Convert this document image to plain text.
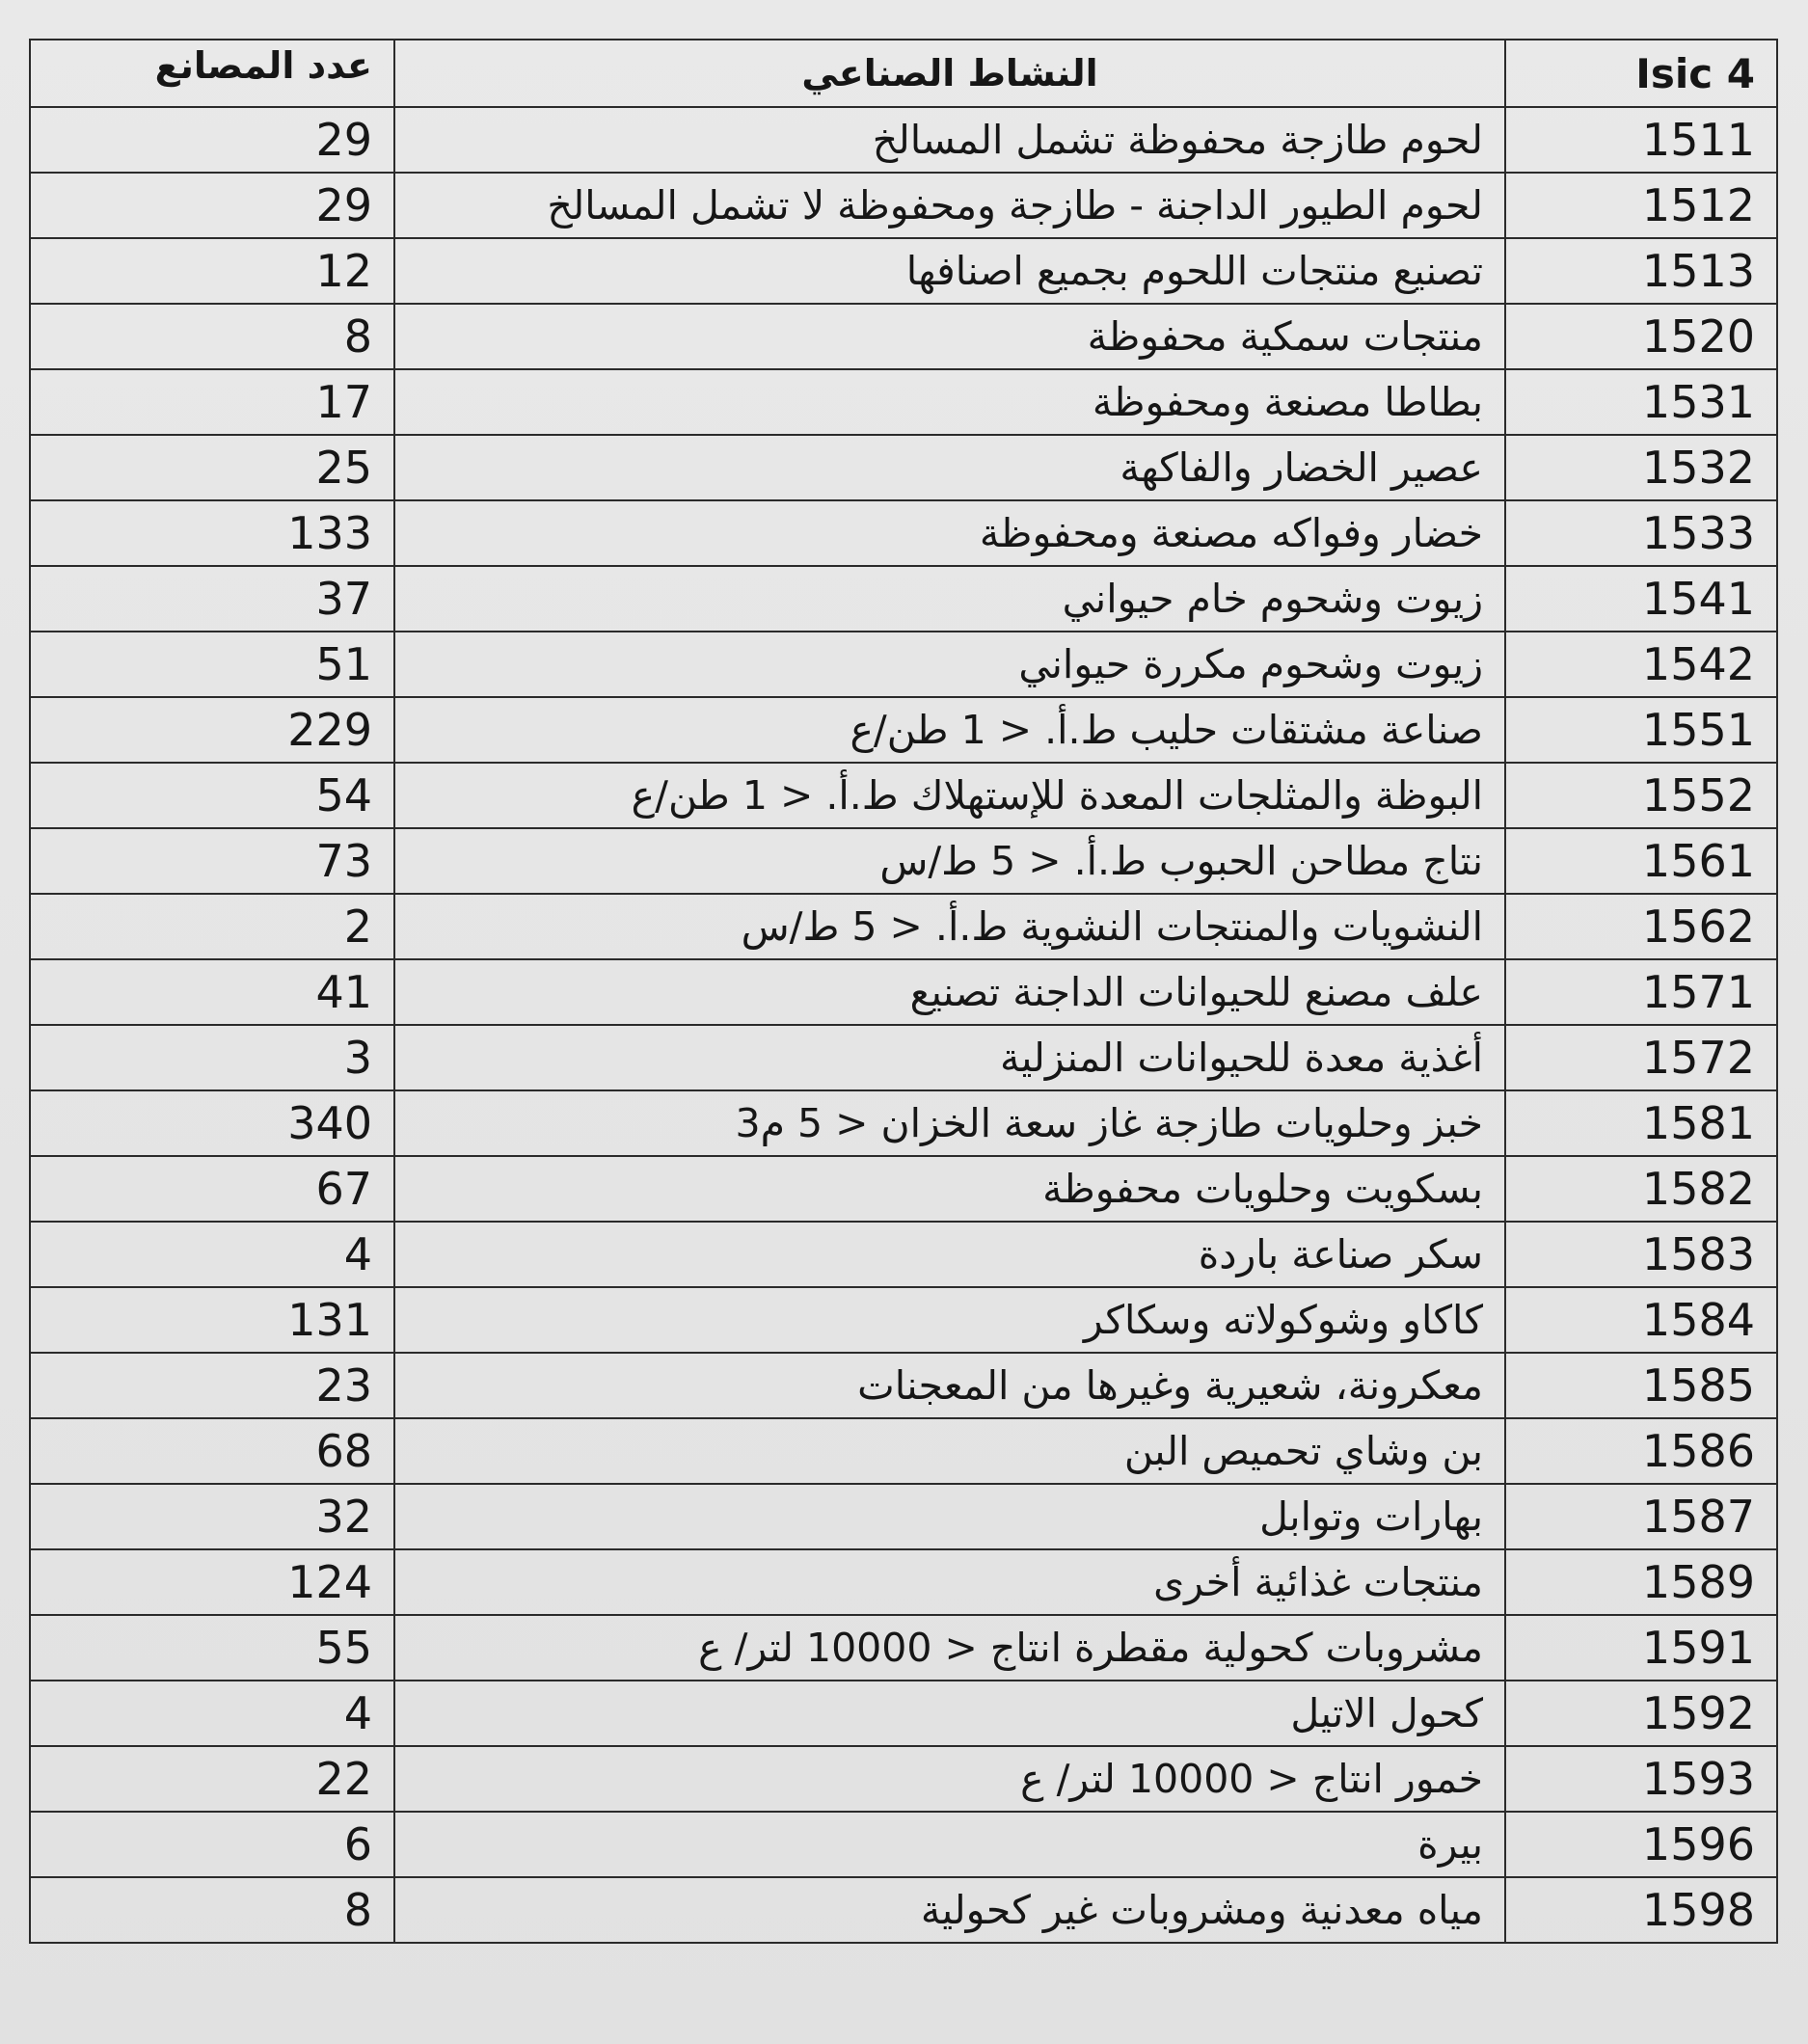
عدد المصانع	النشاط الصناعي	Isic 4
29	لحوم طازجة محفوظة تشمل المسالخ	1511
29	لحوم الطيور الداجنة - طازجة ومحفوظة لا تشمل المسالخ	1512
12	تصنيع منتجات اللحوم بجميع اصنافها	1513
8	منتجات سمكية محفوظة	1520
17	بطاطا مصنعة ومحفوظة	1531
25	عصير الخضار والفاكهة	1532
133	خضار وفواكه مصنعة ومحفوظة	1533
37	زيوت وشحوم خام حيواني	1541
51	زيوت وشحوم مكررة حيواني	1542
229	صناعة مشتقات حليب ط.أ. < 1 طن/ع	1551
54	البوظة والمثلجات المعدة للإستهلاك ط.أ. < 1 طن/ع	1552
73	نتاج مطاحن الحبوب ط.أ. < 5 ط/س	1561
2	النشويات والمنتجات النشوية ط.أ. < 5 ط/س	1562
41	علف مصنع للحيوانات الداجنة تصنيع	1571
3	أغذية معدة للحيوانات المنزلية	1572
340	خبز وحلويات طازجة غاز سعة الخزان < 5 م3	1581
67	بسكويت وحلويات محفوظة	1582
4	سكر صناعة باردة	1583
131	كاكاو وشوكولاته وسكاكر	1584
23	معكرونة، شعيرية وغيرها من المعجنات	1585
68	بن وشاي تحميص البن	1586
32	بهارات وتوابل	1587
124	منتجات غذائية أخرى	1589
55	مشروبات كحولية مقطرة انتاج < 10000 لتر/ ع	1591
4	كحول الاتيل	1592
22	خمور انتاج < 10000 لتر/ ع	1593
6	بيرة	1596
8	مياه معدنية ومشروبات غير كحولية	1598
